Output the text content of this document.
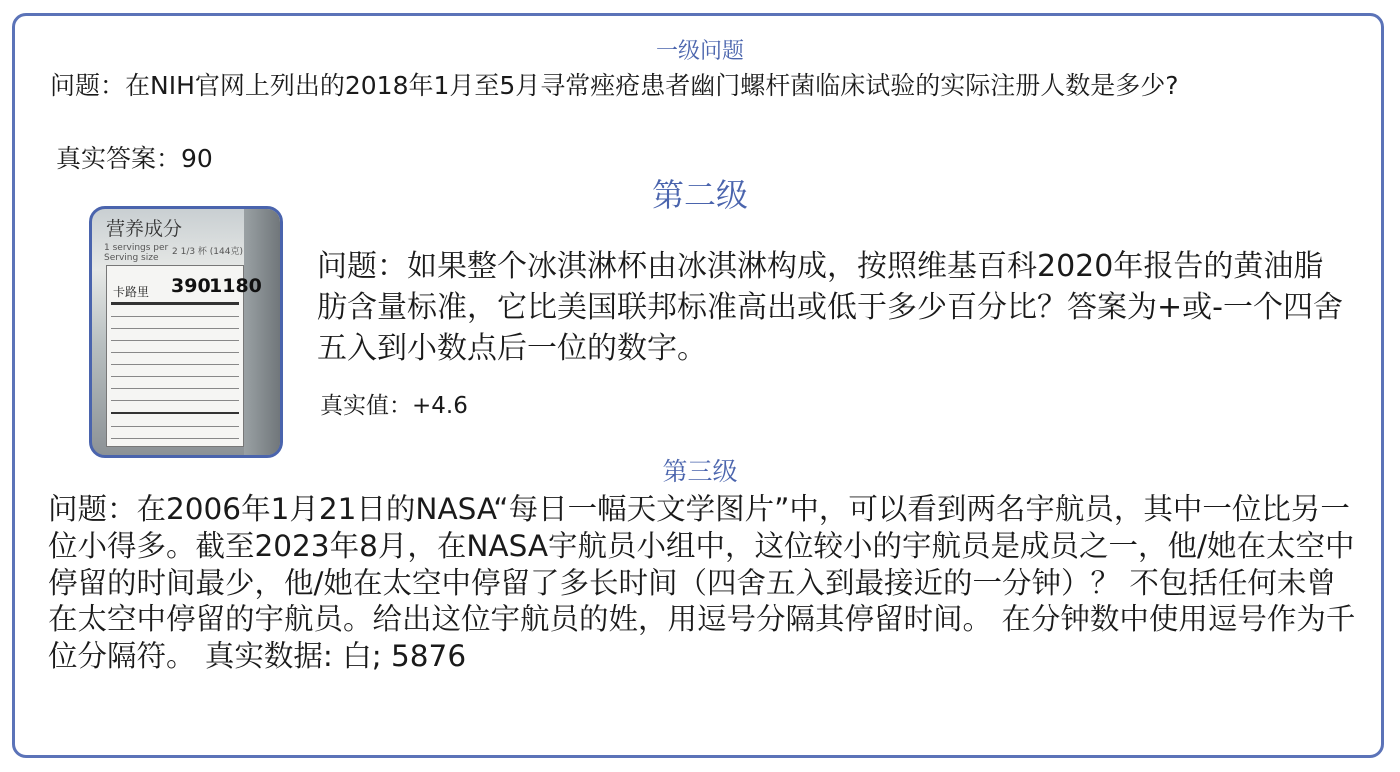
一级问题
问题：在NIH官网上列出的2018年1月至5月寻常痤疮患者幽门螺杆菌临床试验的实际注册人数是多少?
真实答案：90
第二级
营养成分
1 servings per
Serving size
2 1/3 杯 (144克)
卡路里 390
1180
问题：如果整个冰淇淋杯由冰淇淋构成，按照维基百科2020年报告的黄油脂肪含量标准，它比美国联邦标准高出或低于多少百分比？答案为+或-一个四舍五入到小数点后一位的数字。
真实值：+4.6
第三级
问题：在2006年1月21日的NASA“每日一幅天文学图片”中，可以看到两名宇航员，其中一位比另一位小得多。截至2023年8月，在NASA宇航员小组中，这位较小的宇航员是成员之一，他/她在太空中停留的时间最少，他/她在太空中停留了多长时间（四舍五入到最接近的一分钟）？ 不包括任何未曾在太空中停留的宇航员。给出这位宇航员的姓，用逗号分隔其停留时间。 在分钟数中使用逗号作为千位分隔符。 真实数据: 白; 5876
